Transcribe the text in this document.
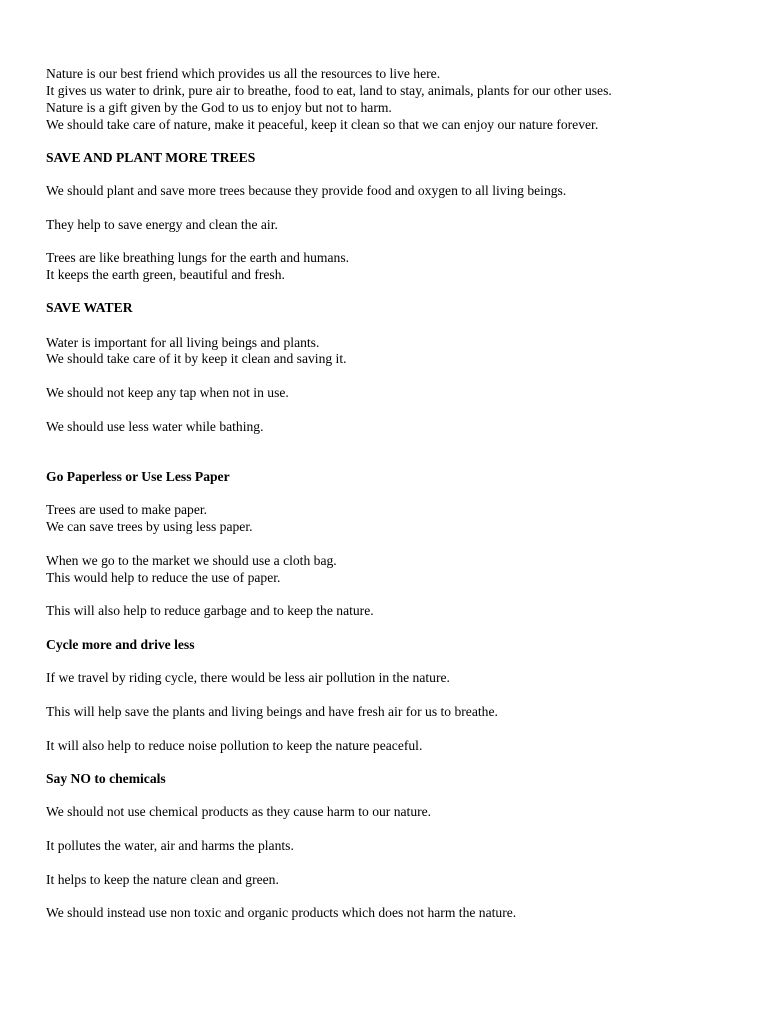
Nature is our best friend which provides us all the resources to live here.
It gives us water to drink, pure air to breathe, food to eat, land to stay, animals, plants for our other uses.
Nature is a gift given by the God to us to enjoy but not to harm.
We should take care of nature, make it peaceful, keep it clean so that we can enjoy our nature forever.
SAVE AND PLANT MORE TREES
We should plant and save more trees because they provide food and oxygen to all living beings.
They help to save energy and clean the air.
Trees are like breathing lungs for the earth and humans.
It keeps the earth green, beautiful and fresh.
SAVE WATER
Water is important for all living beings and plants.
We should take care of it by keep it clean and saving it.
We should not keep any tap when not in use.
We should use less water while bathing.
Go Paperless or Use Less Paper
Trees are used to make paper.
We can save trees by using less paper.
When we go to the market we should use a cloth bag.
This would help to reduce the use of paper.
This will also help to reduce garbage and to keep the nature.
Cycle more and drive less
If we travel by riding cycle, there would be less air pollution in the nature.
This will help save the plants and living beings and have fresh air for us to breathe.
It will also help to reduce noise pollution to keep the nature peaceful.
Say NO to chemicals
We should not use chemical products as they cause harm to our nature.
It pollutes the water, air and harms the plants.
It helps to keep the nature clean and green.
We should instead use non toxic and organic products which does not harm the nature.
